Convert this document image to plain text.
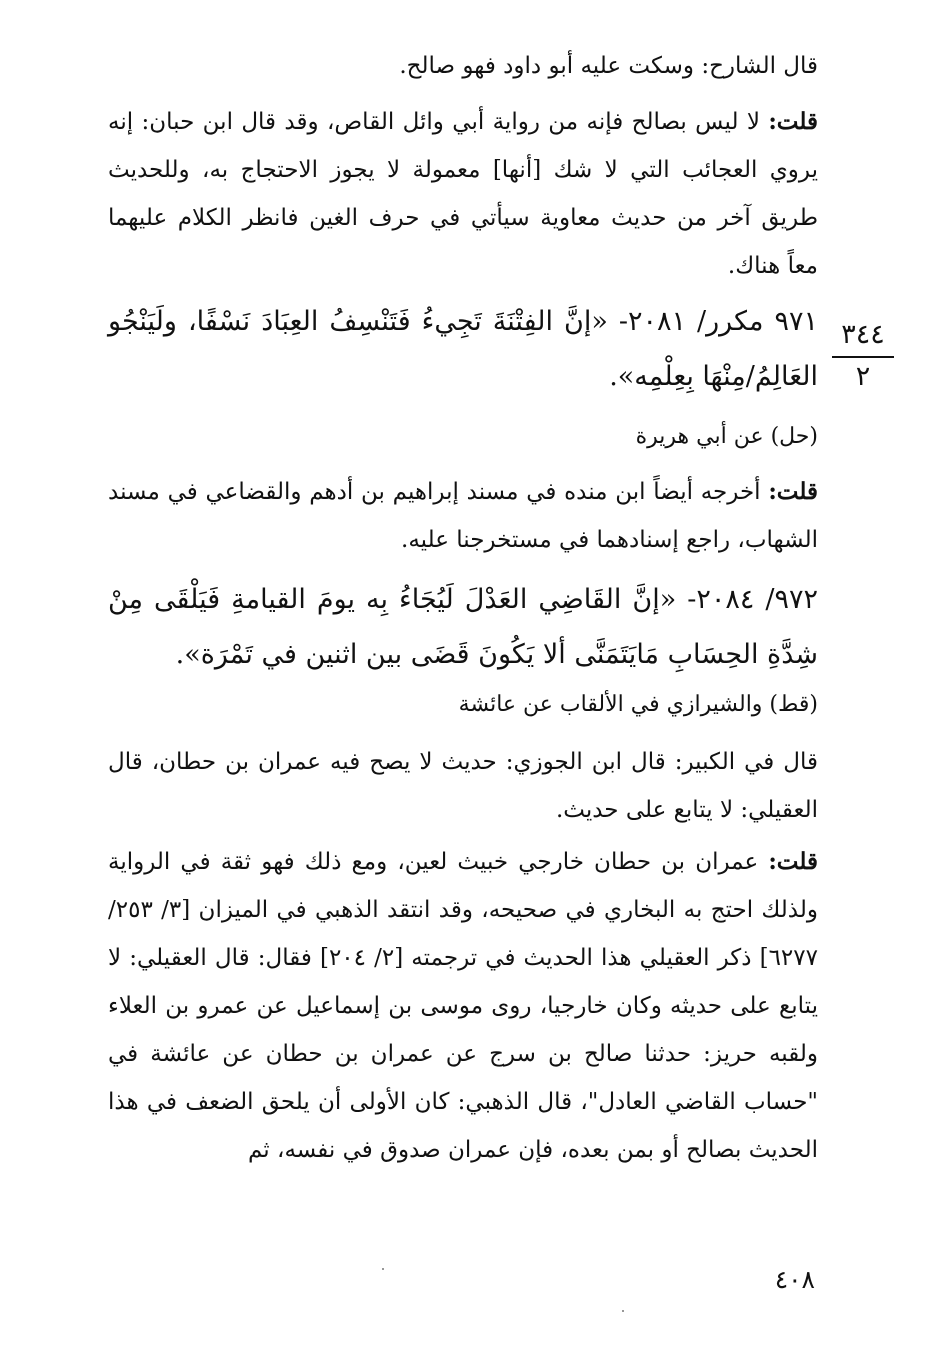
قال الشارح: وسكت عليه أبو داود فهو صالح.
قلت: لا ليس بصالح فإنه من رواية أبي وائل القاص، وقد قال ابن حبان: إنه يروي العجائب التي لا شك [أنها] معمولة لا يجوز الاحتجاج به، وللحديث طريق آخر من حديث معاوية سيأتي في حرف الغين فانظر الكلام عليهما معاً هناك.
٩٧١ مكرر/ ٢٠٨١- «إنَّ الفِتْنَةَ تَجِيءُ فَتَنْسِفُ العِبَادَ نَسْفًا، ولَيَنْجُو العَالِمُ/مِنْهَا بِعِلْمِه».
٣٤٤
٢
(حل) عن أبي هريرة
قلت: أخرجه أيضاً ابن منده في مسند إبراهيم بن أدهم والقضاعي في مسند الشهاب، راجع إسنادهما في مستخرجنا عليه.
٩٧٢/ ٢٠٨٤- «إنَّ القَاضِي العَدْلَ لَيُجَاءُ بِه يومَ القيامةِ فَيَلْقَى مِنْ شِدَّةِ الحِسَابِ مَايَتَمَنَّى ألا يَكُونَ قَضَى بين اثنين في تَمْرَة».
(قط) والشيرازي في الألقاب عن عائشة
قال في الكبير: قال ابن الجوزي: حديث لا يصح فيه عمران بن حطان، قال العقيلي: لا يتابع على حديث.
قلت: عمران بن حطان خارجي خبيث لعين، ومع ذلك فهو ثقة في الرواية ولذلك احتج به البخاري في صحيحه، وقد انتقد الذهبي في الميزان [٣/ ٢٥٣/ ٦٢٧٧] ذكر العقيلي هذا الحديث في ترجمته [٢/ ٢٠٤] فقال: قال العقيلي: لا يتابع على حديثه وكان خارجيا، روى موسى بن إسماعيل عن عمرو بن العلاء ولقبه حريز: حدثنا صالح بن سرج عن عمران بن حطان عن عائشة في "حساب القاضي العادل"، قال الذهبي: كان الأولى أن يلحق الضعف في هذا الحديث بصالح أو بمن بعده، فإن عمران صدوق في نفسه، ثم
٤٠٨
